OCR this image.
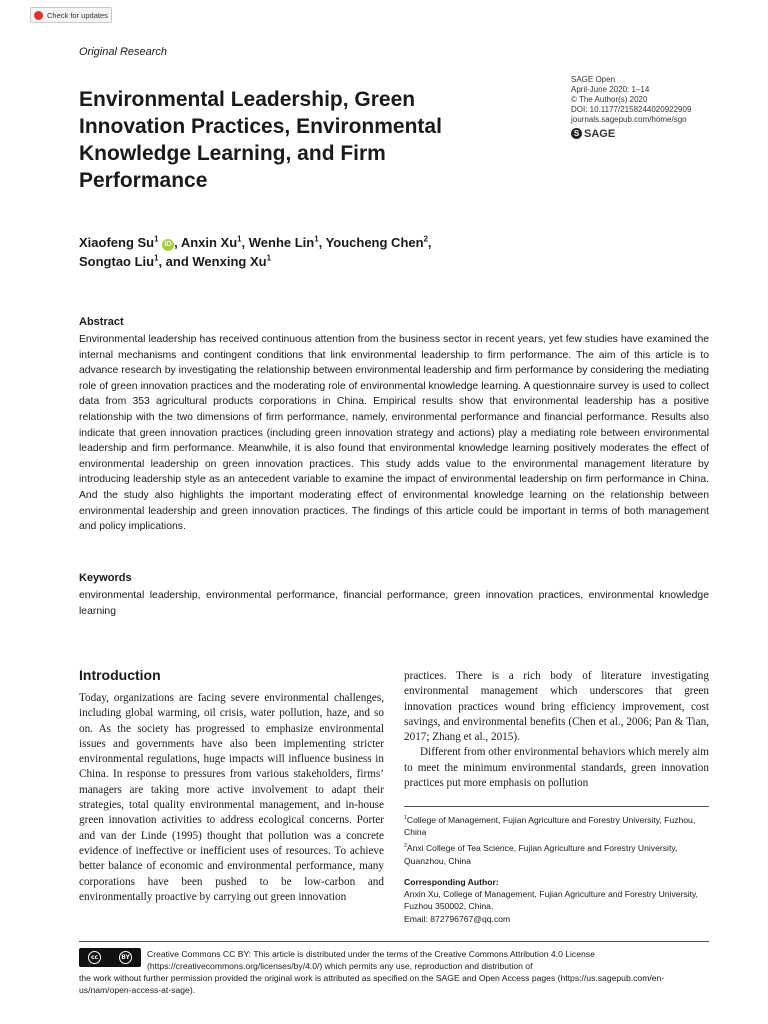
Check for updates
Original Research
Environmental Leadership, Green Innovation Practices, Environmental Knowledge Learning, and Firm Performance
SAGE Open
April-June 2020: 1–14
© The Author(s) 2020
DOI: 10.1177/2158244020922909
journals.sagepub.com/home/sgo
S SAGE
Xiaofeng Su$^1$ iD , Anxin Xu$^1$, Wenhe Lin$^1$, Youcheng Chen$^2$,
Songtao Liu$^1$, and Wenxing Xu$^1$
Abstract
Environmental leadership has received continuous attention from the business sector in recent years, yet few studies have examined the internal mechanisms and contingent conditions that link environmental leadership to firm performance. The aim of this article is to advance research by investigating the relationship between environmental leadership and firm performance by considering the mediating role of green innovation practices and the moderating role of environmental knowledge learning. A questionnaire survey is used to collect data from 353 agricultural products corporations in China. Empirical results show that environmental leadership has a positive relationship with the two dimensions of firm performance, namely, environmental performance and financial performance. Results also indicate that green innovation practices (including green innovation strategy and actions) play a mediating role between environmental leadership and firm performance. Meanwhile, it is also found that environmental knowledge learning positively moderates the effect of environmental leadership on green innovation practices. This study adds value to the environmental management literature by introducing leadership style as an antecedent variable to examine the impact of environmental leadership on firm performance in China. And the study also highlights the important moderating effect of environmental knowledge learning on the relationship between environmental leadership and green innovation practices. The findings of this article could be important in terms of both management and policy implications.
Keywords
environmental leadership, environmental performance, financial performance, green innovation practices, environmental knowledge learning
Introduction

Today, organizations are facing severe environmental challenges, including global warming, oil crisis, water pollution, haze, and so on. As the society has progressed to emphasize environmental issues and governments have also been implementing stricter environmental regulations, huge impacts will influence business in China. In response to pressures from various stakeholders, firms’ managers are taking more active involvement to adapt their strategies, total quality environmental management, and in-house green innovation activities to address ecological concerns. Porter and van der Linde (1995) thought that pollution was a concrete evidence of ineffective or inefficient uses of resources. To achieve better balance of economic and environmental performance, many corporations have been pushed to be low-carbon and environmentally proactive by carrying out green innovation

practices. There is a rich body of literature investigating environmental management which underscores that green innovation practices wound bring efficiency improvement, cost savings, and environmental benefits (Chen et al., 2006; Pan & Tian, 2017; Zhang et al., 2015).

Different from other environmental behaviors which merely aim to meet the minimum environmental standards, green innovation practices put more emphasis on pollution

$^1$College of Management, Fujian Agriculture and Forestry University, Fuzhou, China

$^2$Anxi College of Tea Science, Fujian Agriculture and Forestry University, Quanzhou, China

Corresponding Author:
Anxin Xu, College of Management, Fujian Agriculture and Forestry University, Fuzhou 350002, China.
Email: 872796767@qq.com
cc	BY	Creative Commons CC BY: This article is distributed under the terms of the Creative Commons Attribution 4.0 License (https://creativecommons.org/licenses/by/4.0/) which permits any use, reproduction and distribution of
the work without further permission provided the original work is attributed as specified on the SAGE and Open Access pages (https://us.sagepub.com/en-us/nam/open-access-at-sage).
